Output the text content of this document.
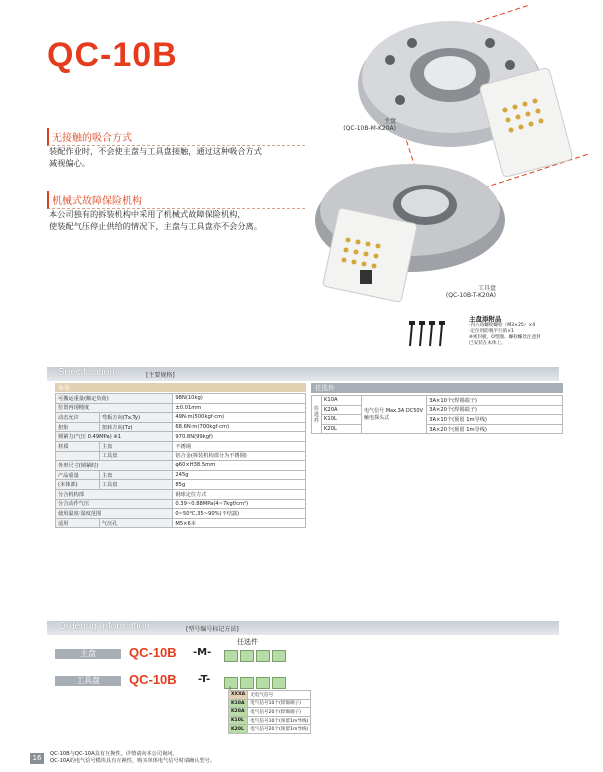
QC-10B
无接触的吸合方式
装配作业时，不会使主盘与工具盘接触，通过这种吸合方式
减视偏心。
机械式故障保险机构
本公司独有的拆装机构中采用了机械式故障保险机构，
使装配气压停止供给的情况下，主盘与工具盘亦不会分离。
主盘
(QC-10B-M-K20A)
工具盘
(QC-10B-T-K20A)
主盘添附品
·内六角螺栓螺栓（M3×25）×4
·定位用防脱平行销×1
※密封板、O型圈、螺栓螺丝注意封
已安装在本体上。
Specifications	[主要规格]
本体
可搬运重量(额定负荷)		98N(10kg)
位置再现精度		±0.01mm
动态允许	弯板方向(Tx,Ty)	49N·m(500kgf·cm)
扭矩	扭转方向(Tz)	68.6N·m(700kgf·cm)
锁紧力(气压 0.49MPa) ※1		970.8N(99kgf)
材质	主盘	不锈钢
	工具盘	铝合金(拆装机构部分为不锈钢)
外形尺寸(锁紧时)		φ60×H38.5mm
产品重量	主盘	245g
(本体部)	工具盘	85g
分合机构部		钢球定位方式
分合动作气压		0.39~0.88MPa(4~7kgf/cm²)
使用温度·湿度范围		0~50℃,35~90%(不结露)
适用	气压孔	M5×6本
任选件
任选件	K10A	电气信号 Max.3A DC50V 触电探头式	3A×10个(焊锡端子)
	K20A		3A×20个(焊锡端子)
	K10L		3A×10个(预留 1m导线)
	K20L		3A×20个(预留 1m导线)
Ordering Information	[型号编号标记方法]
主盘	QC-10B -M-
任选件
工具盘	QC-10B -T-
XXXA	无电气信号
K10A	电气信号10个(焊锡端子)
K20A	电气信号20个(焊锡端子)
K10L	电气信号10个(预留1m导线)
K20L	电气信号20个(预留1m导线)
16	QC-10B与QC-10A具有互换性。详情请向本公司询问。
QC-10A的电气信号模块具有互换性，购买单体电气信号时请确认型号。
